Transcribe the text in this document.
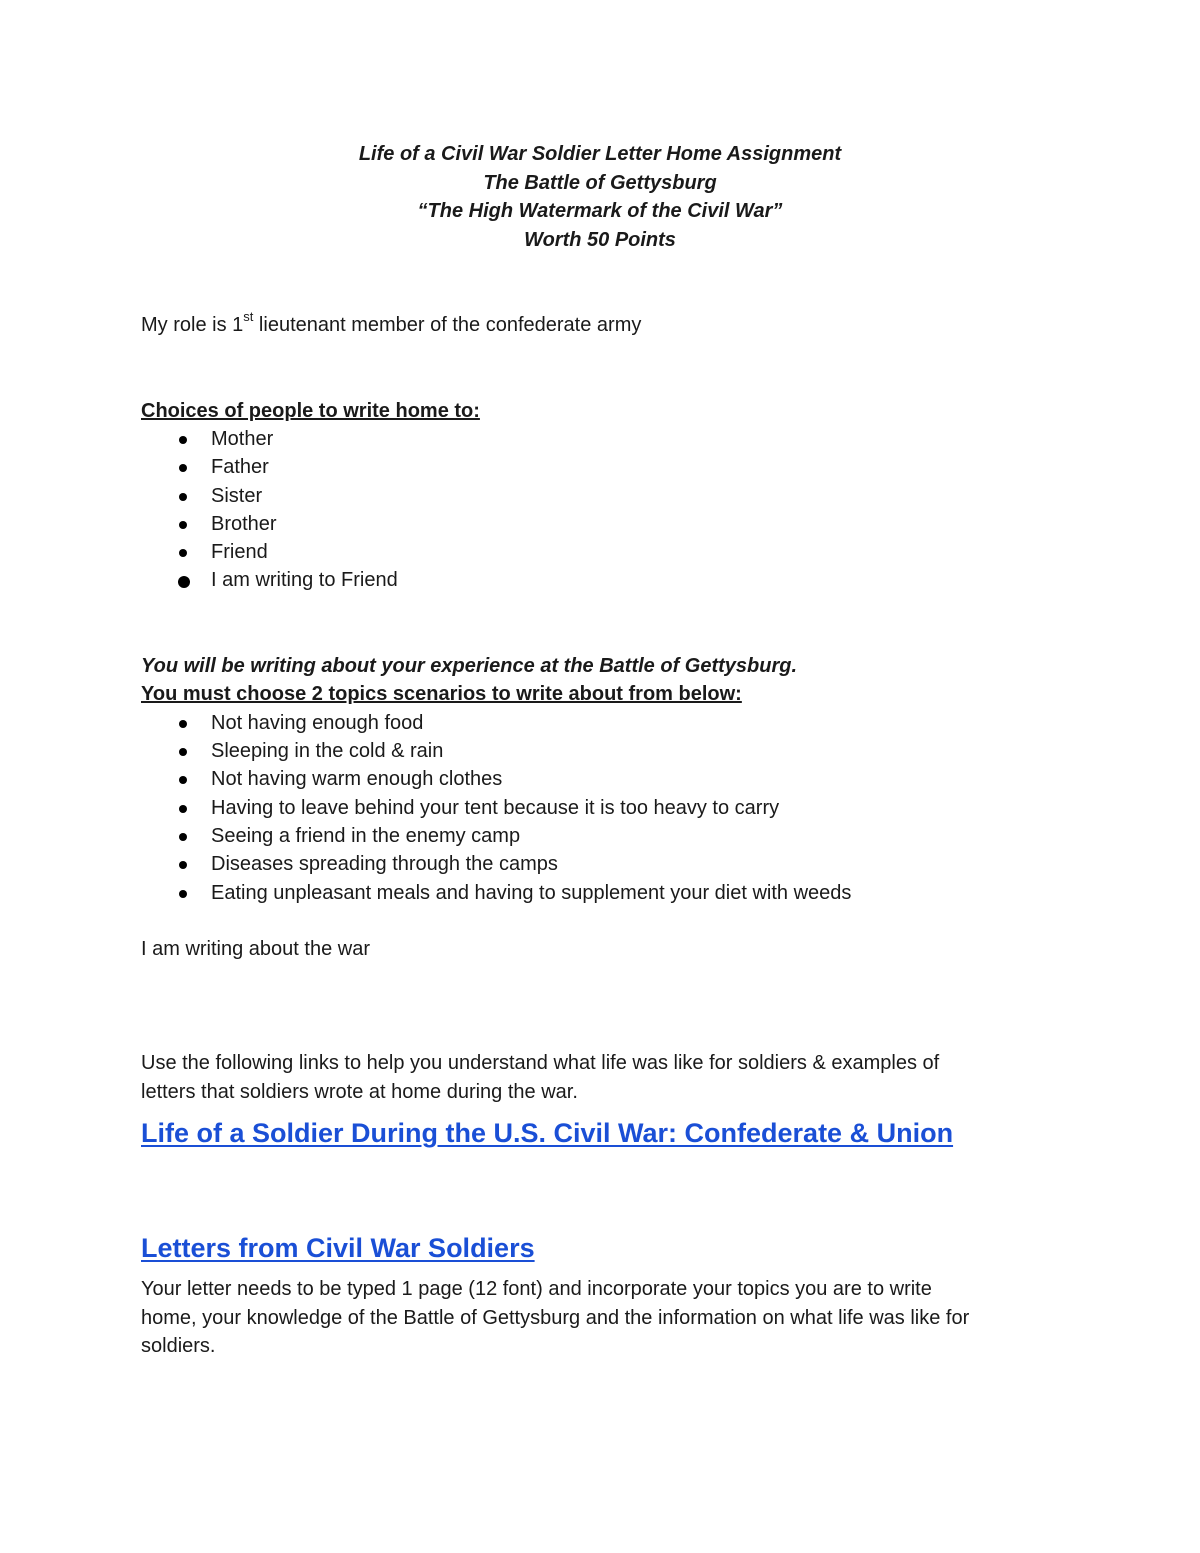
Life of a Civil War Soldier Letter Home Assignment
The Battle of Gettysburg
“The High Watermark of the Civil War”
Worth 50 Points
My role is 1st lieutenant member of the confederate army
Choices of people to write home to:
Mother
Father
Sister
Brother
Friend
I am writing to Friend
You will be writing about your experience at the Battle of Gettysburg.
You must choose 2 topics scenarios to write about from below:
Not having enough food
Sleeping in the cold & rain
Not having warm enough clothes
Having to leave behind your tent because it is too heavy to carry
Seeing a friend in the enemy camp
Diseases spreading through the camps
Eating unpleasant meals and having to supplement your diet with weeds
I am writing about the war
Use the following links to help you understand what life was like for soldiers & examples of
letters that soldiers wrote at home during the war.
Life of a Soldier During the U.S. Civil War: Confederate & Union
Letters from Civil War Soldiers
Your letter needs to be typed 1 page (12 font) and incorporate your topics you are to write
home, your knowledge of the Battle of Gettysburg and the information on what life was like for
soldiers.
